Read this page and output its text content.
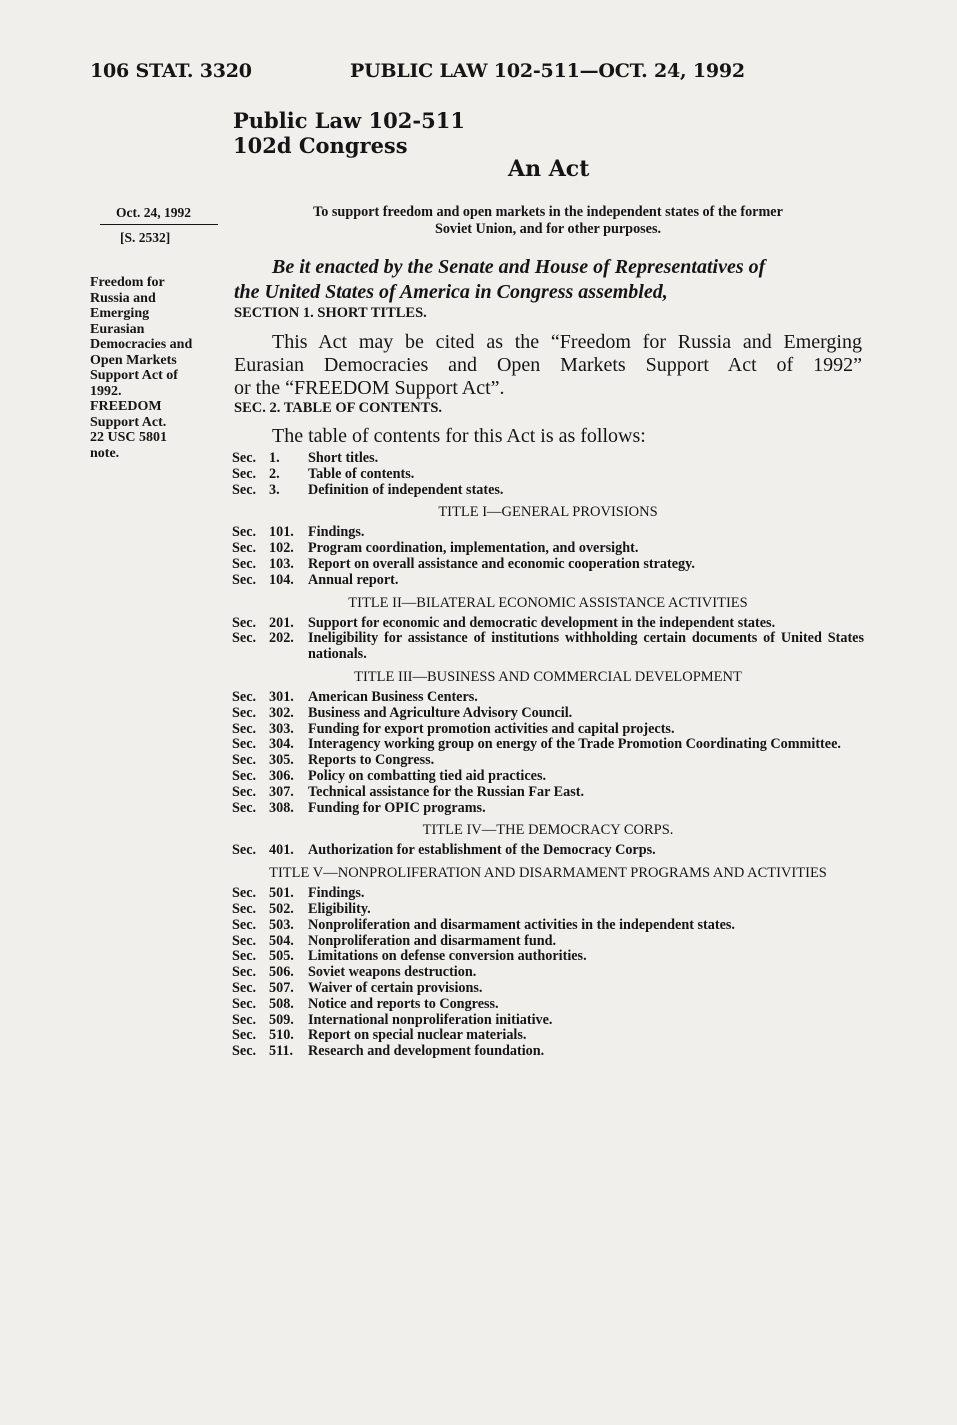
106 STAT. 3320	PUBLIC LAW 102-511—OCT. 24, 1992
Public Law 102-511
102d Congress
An Act
Oct. 24, 1992
[S. 2532]
To support freedom and open markets in the independent states of the former
Soviet Union, and for other purposes.
Freedom for
Russia and
Emerging
Eurasian
Democracies and
Open Markets
Support Act of
1992.
FREEDOM
Support Act.
22 USC 5801
note.
Be it enacted by the Senate and House of Representatives of
the United States of America in Congress assembled,
SECTION 1. SHORT TITLES.
This Act may be cited as the “Freedom for Russia and Emerging
Eurasian Democracies and Open Markets Support Act of 1992”
or the “FREEDOM Support Act”.
SEC. 2. TABLE OF CONTENTS.
The table of contents for this Act is as follows:
Sec. 1.	Short titles.
Sec. 2.	Table of contents.
Sec. 3.	Definition of independent states.
TITLE I—GENERAL PROVISIONS
Sec. 101. Findings.
Sec. 102. Program coordination, implementation, and oversight.
Sec. 103. Report on overall assistance and economic cooperation strategy.
Sec. 104. Annual report.
TITLE II—BILATERAL ECONOMIC ASSISTANCE ACTIVITIES
Sec. 201. Support for economic and democratic development in the independent states.
Sec. 202. Ineligibility for assistance of institutions withholding certain documents of United States nationals.
TITLE III—BUSINESS AND COMMERCIAL DEVELOPMENT
Sec. 301. American Business Centers.
Sec. 302. Business and Agriculture Advisory Council.
Sec. 303. Funding for export promotion activities and capital projects.
Sec. 304. Interagency working group on energy of the Trade Promotion Coordinating Committee.
Sec. 305. Reports to Congress.
Sec. 306. Policy on combatting tied aid practices.
Sec. 307. Technical assistance for the Russian Far East.
Sec. 308. Funding for OPIC programs.
TITLE IV—THE DEMOCRACY CORPS.
Sec. 401. Authorization for establishment of the Democracy Corps.
TITLE V—NONPROLIFERATION AND DISARMAMENT PROGRAMS AND ACTIVITIES
Sec. 501. Findings.
Sec. 502. Eligibility.
Sec. 503. Nonproliferation and disarmament activities in the independent states.
Sec. 504. Nonproliferation and disarmament fund.
Sec. 505. Limitations on defense conversion authorities.
Sec. 506. Soviet weapons destruction.
Sec. 507. Waiver of certain provisions.
Sec. 508. Notice and reports to Congress.
Sec. 509. International nonproliferation initiative.
Sec. 510. Report on special nuclear materials.
Sec. 511.	Research and development foundation.
